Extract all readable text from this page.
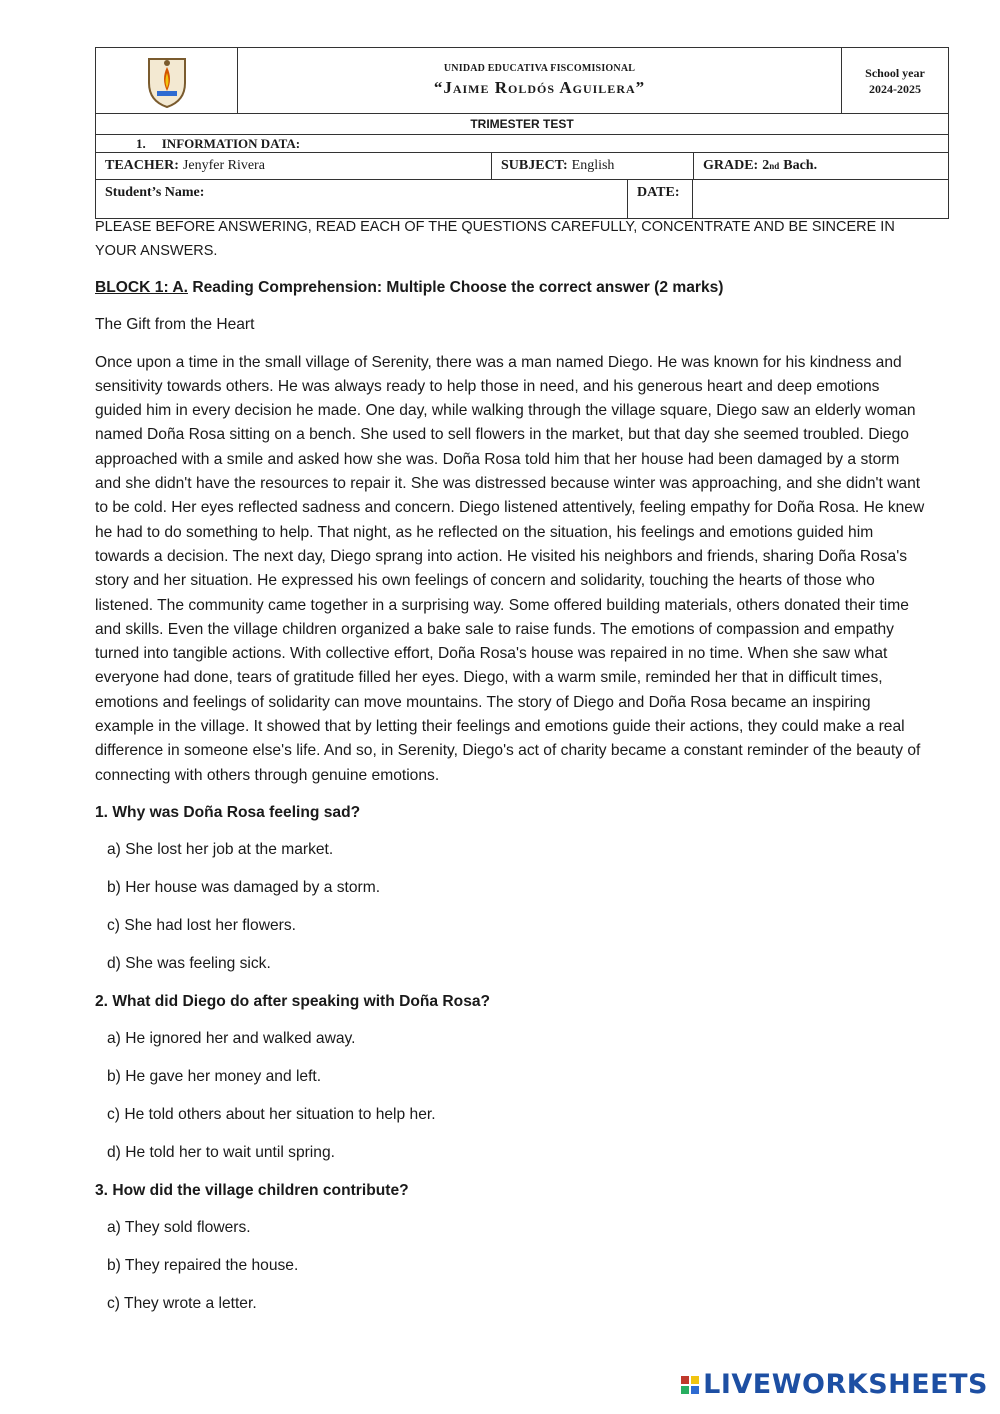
UNIDAD EDUCATIVA FISCOMISIONAL
“Jaime Roldós Aguilera”
School year
2024-2025
TRIMESTER TEST
1. INFORMATION DATA:
TEACHER: Jenyfer Rivera	SUBJECT: English	GRADE: 2 nd Bach.
Student’s Name:	DATE:

PLEASE BEFORE ANSWERING, READ EACH OF THE QUESTIONS CAREFULLY, CONCENTRATE AND BE SINCERE IN YOUR ANSWERS.

BLOCK 1: A. Reading Comprehension: Multiple Choose the correct answer (2 marks)

The Gift from the Heart

Once upon a time in the small village of Serenity, there was a man named Diego. He was known for his kindness and sensitivity towards others. He was always ready to help those in need, and his generous heart and deep emotions guided him in every decision he made. One day, while walking through the village square, Diego saw an elderly woman named Doña Rosa sitting on a bench. She used to sell flowers in the market, but that day she seemed troubled. Diego approached with a smile and asked how she was. Doña Rosa told him that her house had been damaged by a storm and she didn't have the resources to repair it. She was distressed because winter was approaching, and she didn't want to be cold. Her eyes reflected sadness and concern. Diego listened attentively, feeling empathy for Doña Rosa. He knew he had to do something to help. That night, as he reflected on the situation, his feelings and emotions guided him towards a decision. The next day, Diego sprang into action. He visited his neighbors and friends, sharing Doña Rosa's story and her situation. He expressed his own feelings of concern and solidarity, touching the hearts of those who listened. The community came together in a surprising way. Some offered building materials, others donated their time and skills. Even the village children organized a bake sale to raise funds. The emotions of compassion and empathy turned into tangible actions. With collective effort, Doña Rosa's house was repaired in no time. When she saw what everyone had done, tears of gratitude filled her eyes. Diego, with a warm smile, reminded her that in difficult times, emotions and feelings of solidarity can move mountains. The story of Diego and Doña Rosa became an inspiring example in the village. It showed that by letting their feelings and emotions guide their actions, they could make a real difference in someone else's life. And so, in Serenity, Diego's act of charity became a constant reminder of the beauty of connecting with others through genuine emotions.

1. Why was Doña Rosa feeling sad?

a) She lost her job at the market.

b) Her house was damaged by a storm.

c) She had lost her flowers.

d) She was feeling sick.

2. What did Diego do after speaking with Doña Rosa?

a) He ignored her and walked away.

b) He gave her money and left.

c) He told others about her situation to help her.

d) He told her to wait until spring.

3. How did the village children contribute?

a) They sold flowers.

b) They repaired the house.

c) They wrote a letter.

LIVEWORKSHEETS
